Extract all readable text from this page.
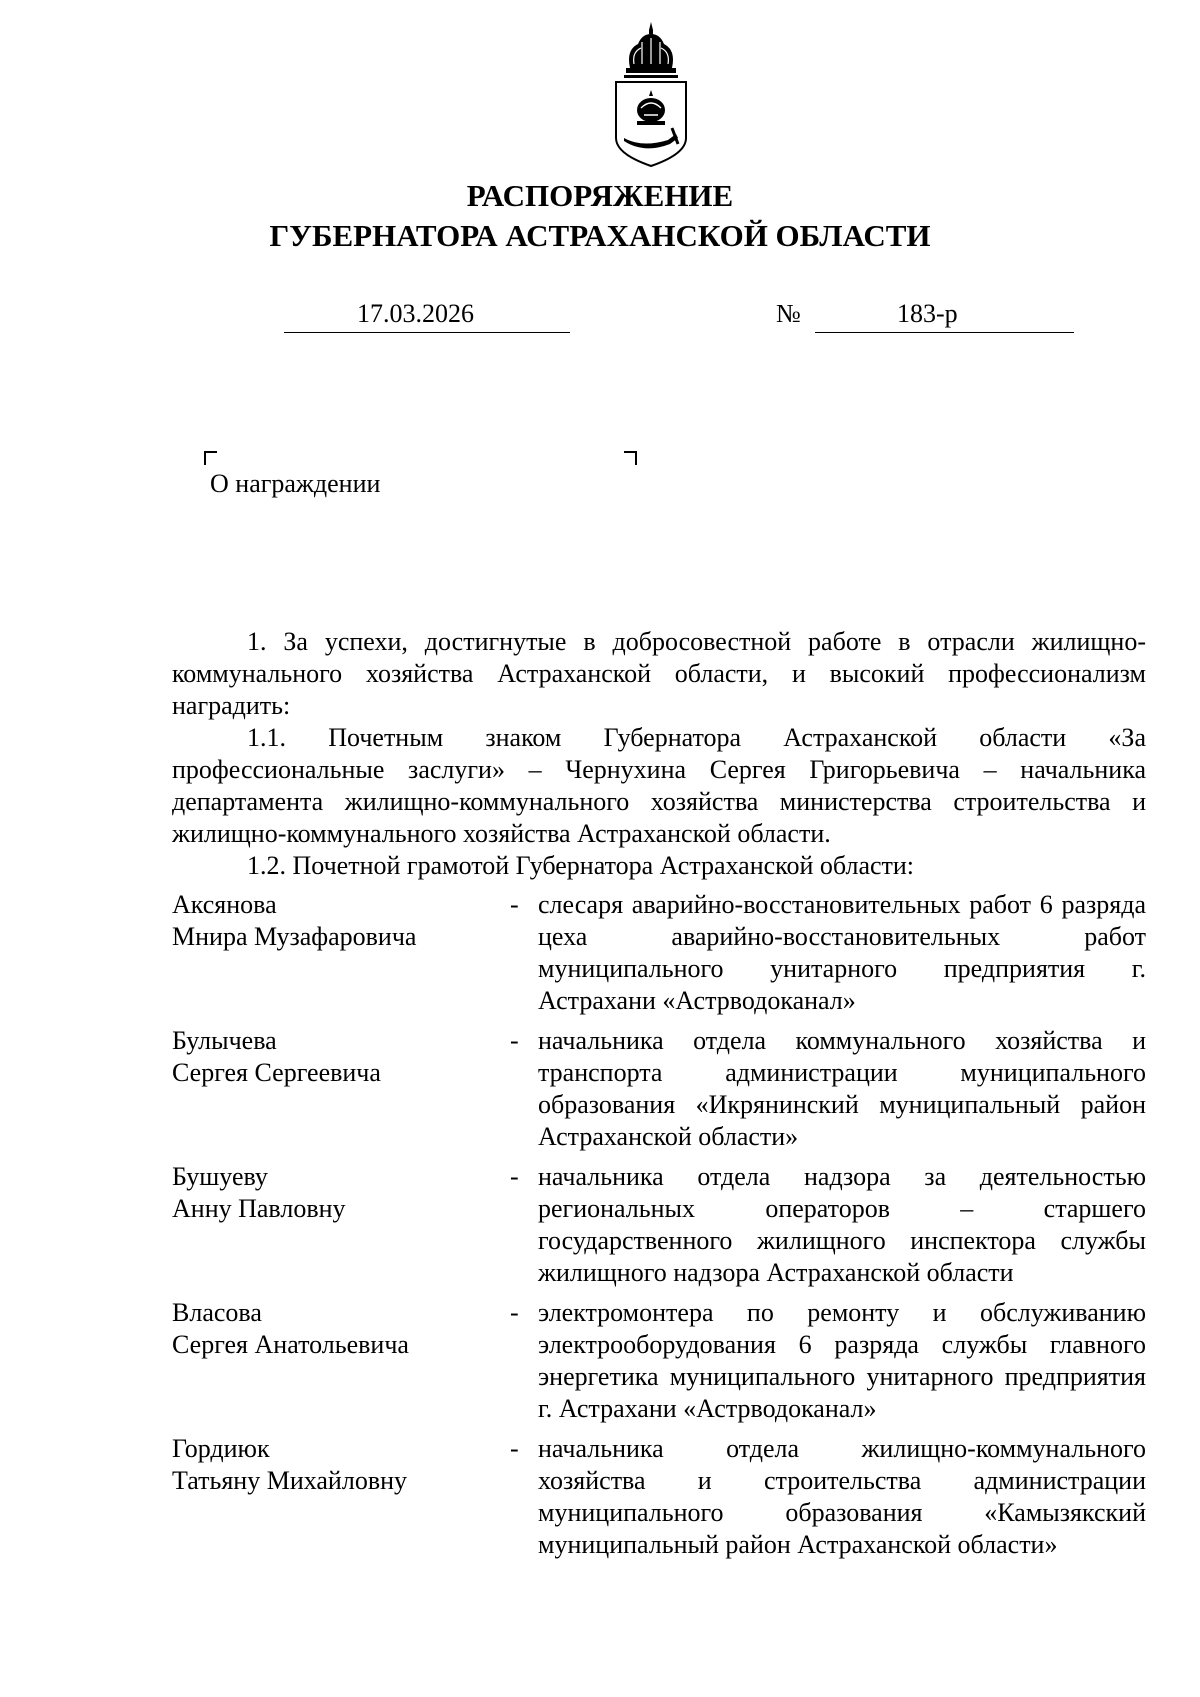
РАСПОРЯЖЕНИЕ
ГУБЕРНАТОРА АСТРАХАНСКОЙ ОБЛАСТИ
17.03.2026	№	183-р
О награждении

1. За успехи, достигнутые в добросовестной работе в отрасли жилищно-коммунального хозяйства Астраханской области, и высокий профессионализм наградить:

1.1. Почетным знаком Губернатора Астраханской области «За профессиональные заслуги» – Чернухина Сергея Григорьевича – начальника департамента жилищно-коммунального хозяйства министерства строительства и жилищно-коммунального хозяйства Астраханской области.

1.2. Почетной грамотой Губернатора Астраханской области:

Аксянова
Мнира Музафаровича
- слесаря аварийно-восстановительных работ 6 разряда цеха аварийно-восстановительных работ муниципального унитарного предприятия г. Астрахани «Астрводоканал»
Булычева
Сергея Сергеевича
- начальника отдела коммунального хозяйства и транспорта администрации муниципального образования «Икрянинский муниципальный район Астраханской области»
Бушуеву
Анну Павловну
- начальника отдела надзора за деятельностью региональных операторов – старшего государственного жилищного инспектора службы жилищного надзора Астраханской области
Власова
Сергея Анатольевича
- электромонтера по ремонту и обслуживанию электрооборудования 6 разряда службы главного энергетика муниципального унитарного предприятия г. Астрахани «Астрводоканал»
Гордиюк
Татьяну Михайловну
- начальника отдела жилищно-коммунального хозяйства и строительства администрации муниципального образования «Камызякский муниципальный район Астраханской области»
